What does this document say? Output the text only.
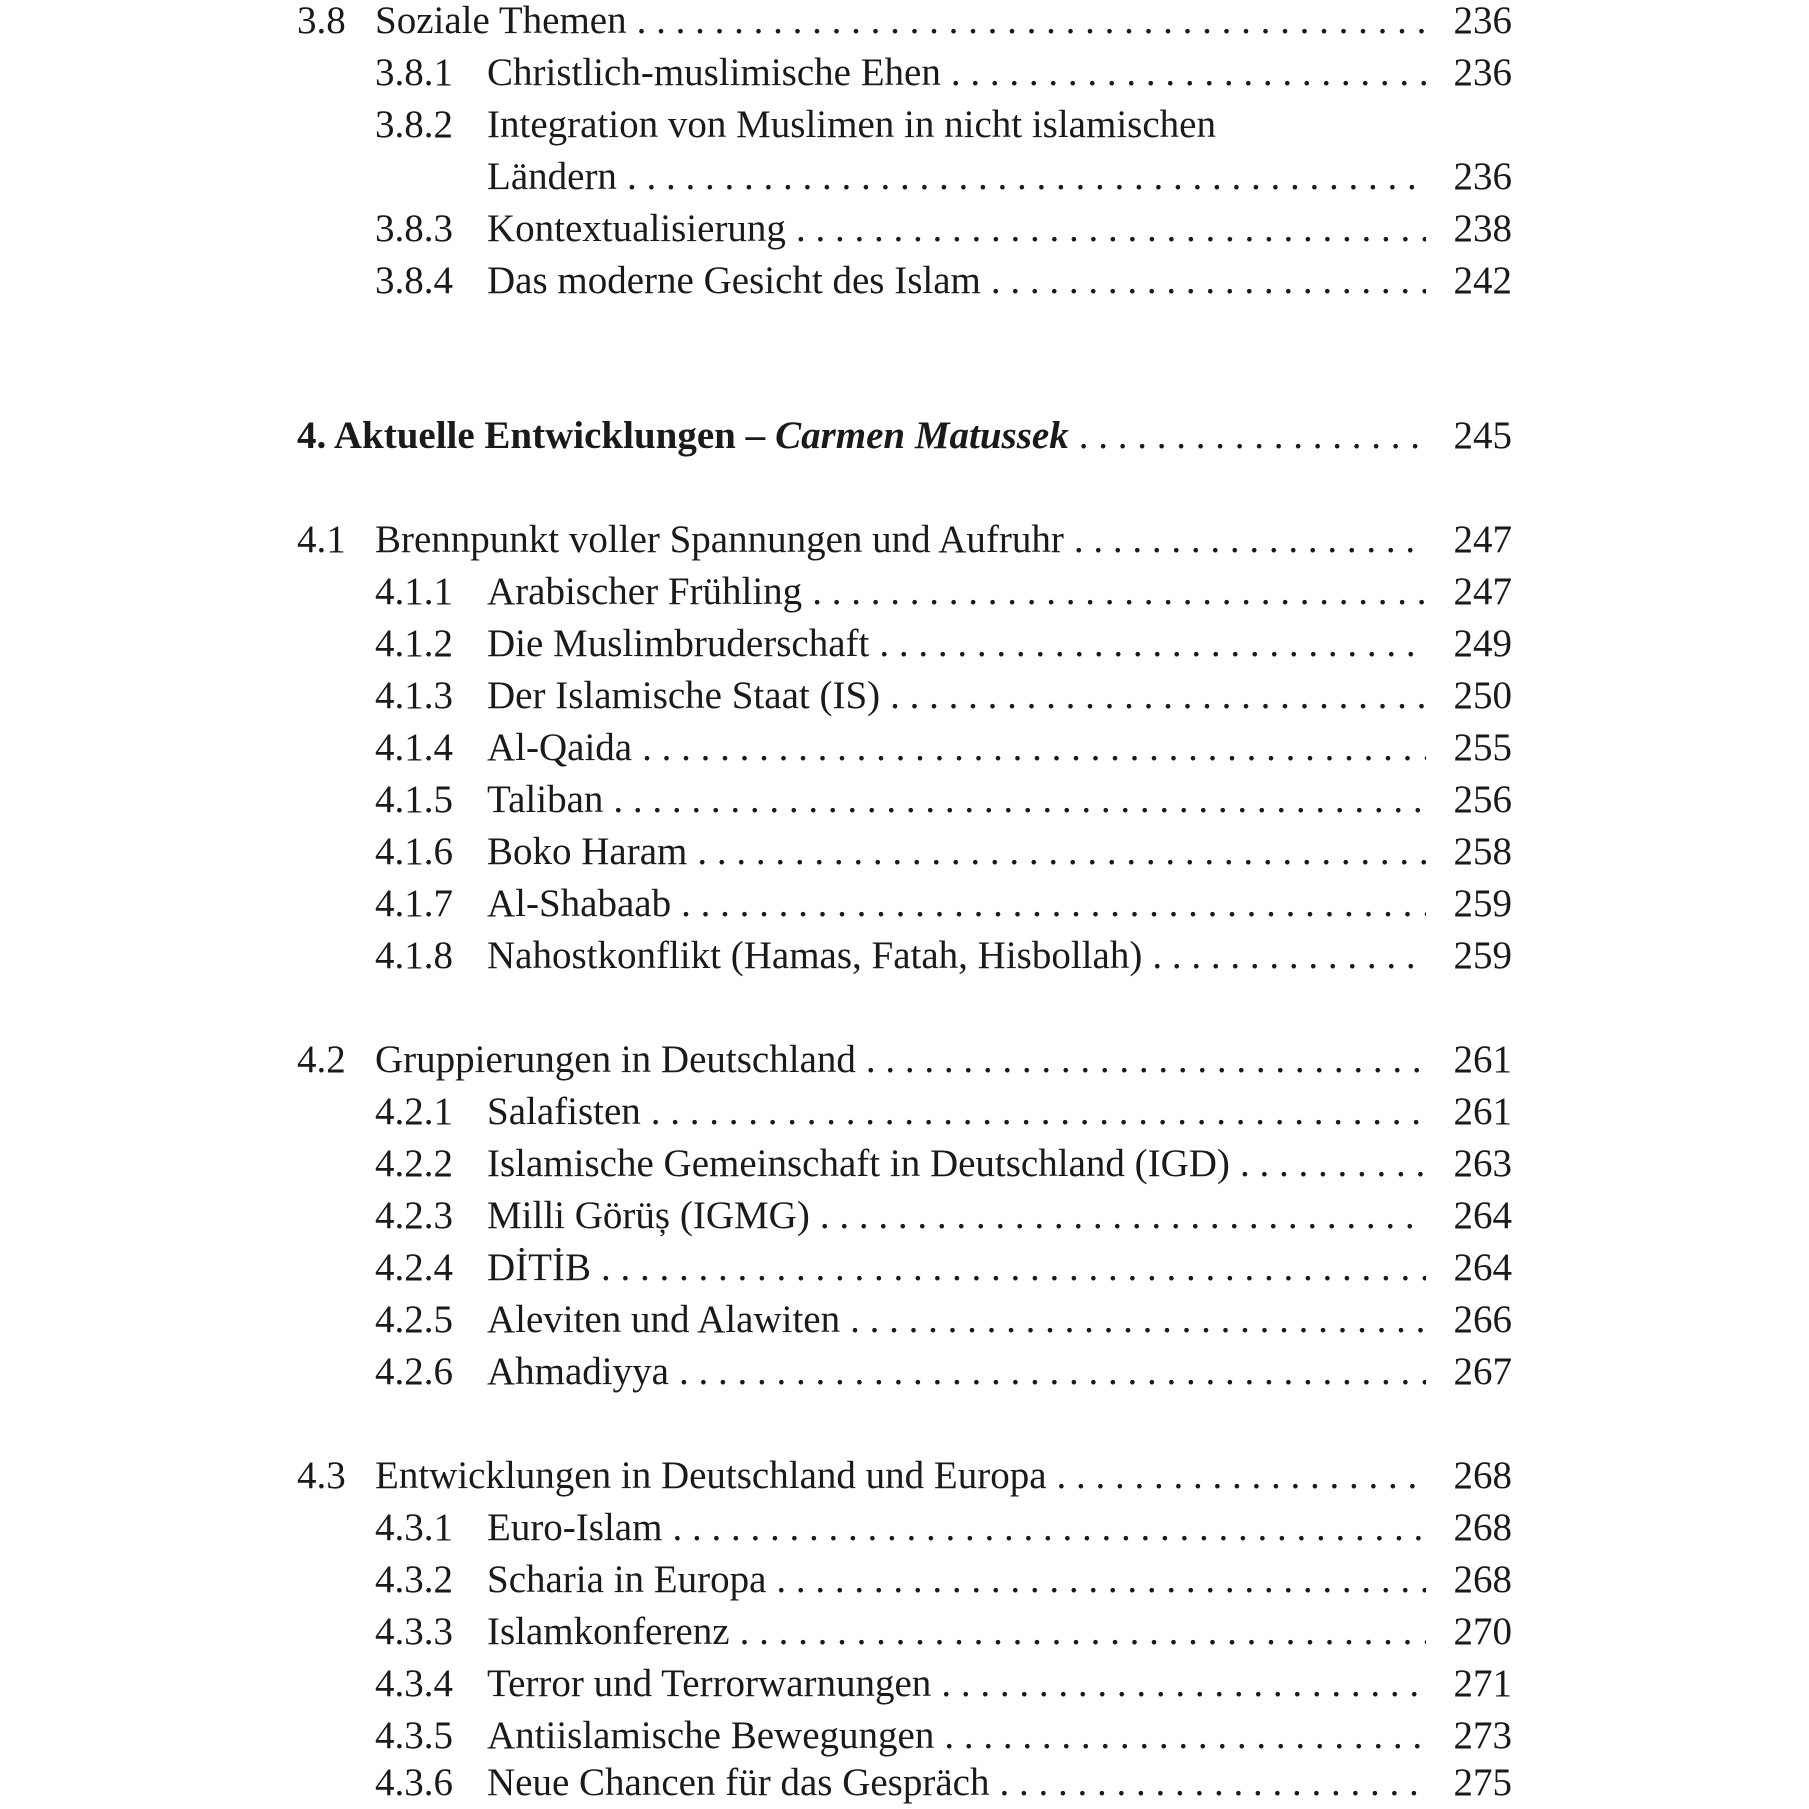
3.8 Soziale Themen . . .	236
3.8.1 Christlich-muslimische Ehen . . .	236
3.8.2 Integration von Muslimen in nicht islamischen
Ländern . . .	236
3.8.3 Kontextualisierung . . .	238
3.8.4 Das moderne Gesicht des Islam . . .	242
4. Aktuelle Entwicklungen – Carmen Matussek . . .	245
4.1 Brennpunkt voller Spannungen und Aufruhr . . .	247
4.1.1 Arabischer Frühling . . .	247
4.1.2 Die Muslimbruderschaft . . .	249
4.1.3 Der Islamische Staat (IS) . . .	250
4.1.4 Al-Qaida . . .	255
4.1.5 Taliban . . .	256
4.1.6 Boko Haram . . .	258
4.1.7 Al-Shabaab . . .	259
4.1.8 Nahostkonflikt (Hamas, Fatah, Hisbollah) . . .	259
4.2 Gruppierungen in Deutschland . . .	261
4.2.1 Salafisten . . .	261
4.2.2 Islamische Gemeinschaft in Deutschland (IGD) . . .	263
4.2.3 Milli Görüș (IGMG) . . .	264
4.2.4 DİTİB . . .	264
4.2.5 Aleviten und Alawiten . . .	266
4.2.6 Ahmadiyya . . .	267
4.3 Entwicklungen in Deutschland und Europa . . .	268
4.3.1 Euro-Islam . . .	268
4.3.2 Scharia in Europa . . .	268
4.3.3 Islamkonferenz . . .	270
4.3.4 Terror und Terrorwarnungen . . .	271
4.3.5 Antiislamische Bewegungen . . .	273
4.3.6 Neue Chancen für das Gespräch . . .	275
